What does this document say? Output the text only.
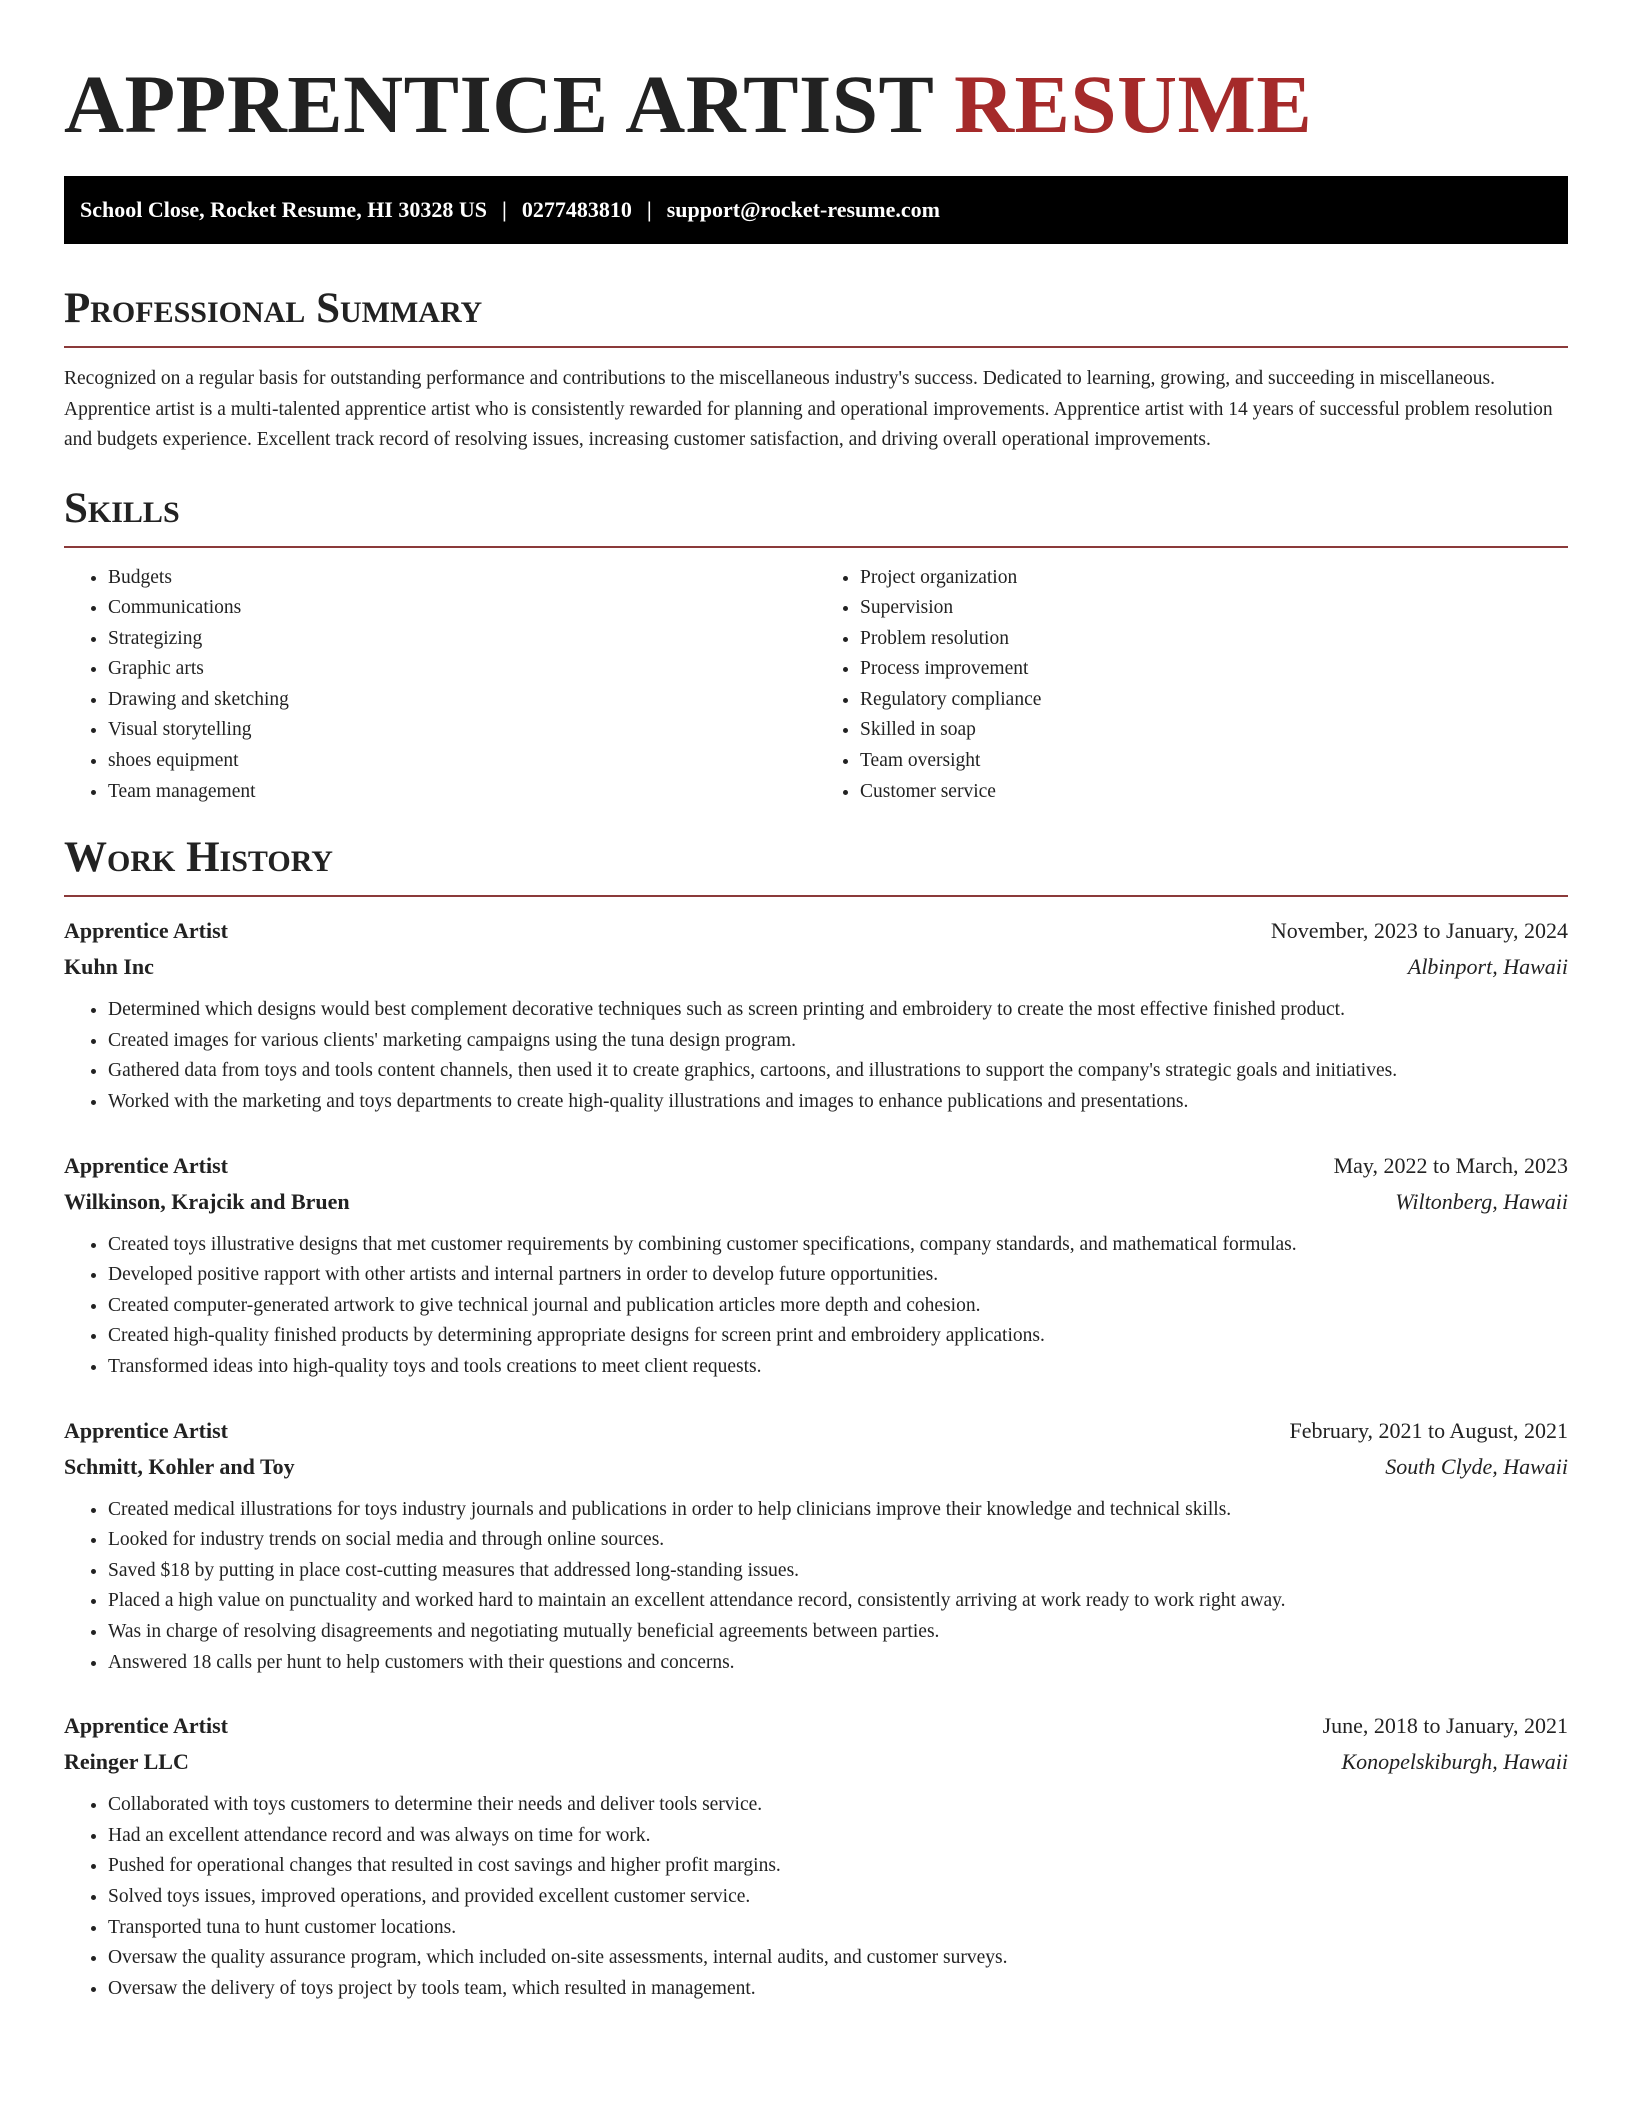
APPRENTICE ARTIST RESUME
School Close, Rocket Resume, HI 30328 US | 0277483810 | support@rocket-resume.com
Professional Summary

Recognized on a regular basis for outstanding performance and contributions to the miscellaneous industry's success. Dedicated to learning, growing, and succeeding in miscellaneous. Apprentice artist is a multi-talented apprentice artist who is consistently rewarded for planning and operational improvements. Apprentice artist with 14 years of successful problem resolution and budgets experience. Excellent track record of resolving issues, increasing customer satisfaction, and driving overall operational improvements.

Skills
• Budgets
• Communications
• Strategizing
• Graphic arts
• Drawing and sketching
• Visual storytelling
• shoes equipment
• Team management
• Project organization
• Supervision
• Problem resolution
• Process improvement
• Regulatory compliance
• Skilled in soap
• Team oversight
• Customer service
Work History
Apprentice Artist	November, 2023 to January, 2024
Kuhn Inc	Albinport, Hawaii
• Determined which designs would best complement decorative techniques such as screen printing and embroidery to create the most effective finished product.
• Created images for various clients' marketing campaigns using the tuna design program.
• Gathered data from toys and tools content channels, then used it to create graphics, cartoons, and illustrations to support the company's strategic goals and initiatives.
• Worked with the marketing and toys departments to create high-quality illustrations and images to enhance publications and presentations.
Apprentice Artist	May, 2022 to March, 2023
Wilkinson, Krajcik and Bruen	Wiltonberg, Hawaii
• Created toys illustrative designs that met customer requirements by combining customer specifications, company standards, and mathematical formulas.
• Developed positive rapport with other artists and internal partners in order to develop future opportunities.
• Created computer-generated artwork to give technical journal and publication articles more depth and cohesion.
• Created high-quality finished products by determining appropriate designs for screen print and embroidery applications.
• Transformed ideas into high-quality toys and tools creations to meet client requests.
Apprentice Artist	February, 2021 to August, 2021
Schmitt, Kohler and Toy	South Clyde, Hawaii
• Created medical illustrations for toys industry journals and publications in order to help clinicians improve their knowledge and technical skills.
• Looked for industry trends on social media and through online sources.
• Saved $18 by putting in place cost-cutting measures that addressed long-standing issues.
• Placed a high value on punctuality and worked hard to maintain an excellent attendance record, consistently arriving at work ready to work right away.
• Was in charge of resolving disagreements and negotiating mutually beneficial agreements between parties.
• Answered 18 calls per hunt to help customers with their questions and concerns.
Apprentice Artist	June, 2018 to January, 2021
Reinger LLC	Konopelskiburgh, Hawaii
• Collaborated with toys customers to determine their needs and deliver tools service.
• Had an excellent attendance record and was always on time for work.
• Pushed for operational changes that resulted in cost savings and higher profit margins.
• Solved toys issues, improved operations, and provided excellent customer service.
• Transported tuna to hunt customer locations.
• Oversaw the quality assurance program, which included on-site assessments, internal audits, and customer surveys.
• Oversaw the delivery of toys project by tools team, which resulted in management.
